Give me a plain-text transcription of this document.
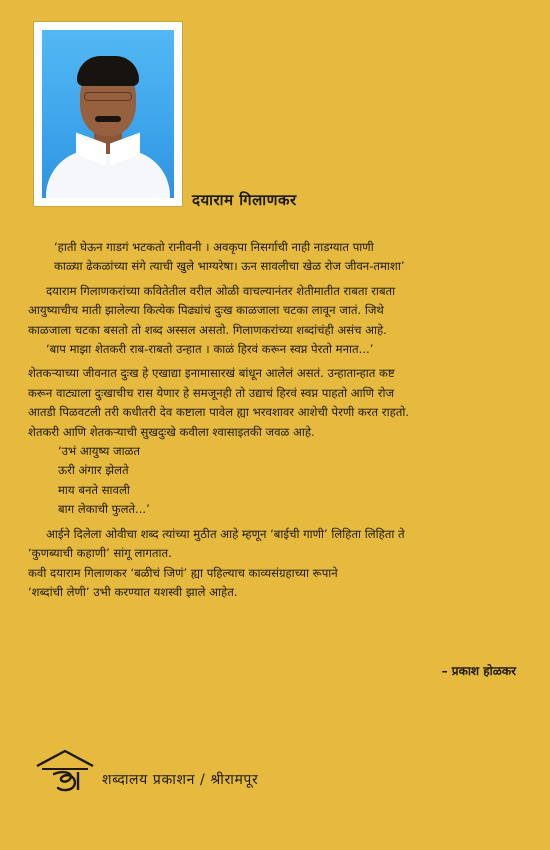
दयाराम गिलाणकर

‘हाती घेऊन गाडगं भटकतो रानीवनी । अवकृपा निसर्गाची नाही नाडग्यात पाणी

काळ्या ढेकळांच्या संगे त्याची खुले भाग्यरेषा। ऊन सावलीचा खेळ रोज जीवन-तमाशा’

दयाराम गिलाणकरांच्या कवितेतील वरील ओळी वाचल्यानंतर शेतीमातीत राबता राबता

आयुष्याचीच माती झालेल्या कित्येक पिढ्यांचं दुःख काळजाला चटका लावून जातं. जिथे

काळजाला चटका बसतो तो शब्द अस्सल असतो. गिलाणकरांच्या शब्दांचंही असंच आहे.

‘बाप माझा शेतकरी राब-राबतो उन्हात । काळं हिरवं करून स्वप्न पेरतो मनात...’

शेतकऱ्याच्या जीवनात दुःख हे एखाद्या इनामासारखं बांधून आलेलं असतं. उन्हातान्हात कष्ट

करून वाट्याला दुःखाचीच रास येणार हे समजूनही तो उद्याचं हिरवं स्वप्न पाहतो आणि रोज

आतडी पिळवटली तरी कधीतरी देव कष्टाला पावेल ह्या भरवशावर आशेची पेरणी करत राहतो.

शेतकरी आणि शेतकऱ्याची सुखदुःखे कवीला श्वासाइतकी जवळ आहे.

‘उभं आयुष्य जाळत

ऊरी अंगार झेलते

माय बनते सावली

बाग लेकाची फुलते...’

आईने दिलेला ओवीचा शब्द त्यांच्या मुठीत आहे म्हणून ‘बाईची गाणी’ लिहिता लिहिता ते

‘कुणब्याची कहाणी’ सांगू लागतात.

कवी दयाराम गिलाणकर ‘बळीचं जिणं’ ह्या पहिल्याच काव्यसंग्रहाच्या रूपाने

‘शब्दांची लेणी’ उभी करण्यात यशस्वी झाले आहेत.

– प्रकाश होळकर
शब्दालय प्रकाशन / श्रीरामपूर
